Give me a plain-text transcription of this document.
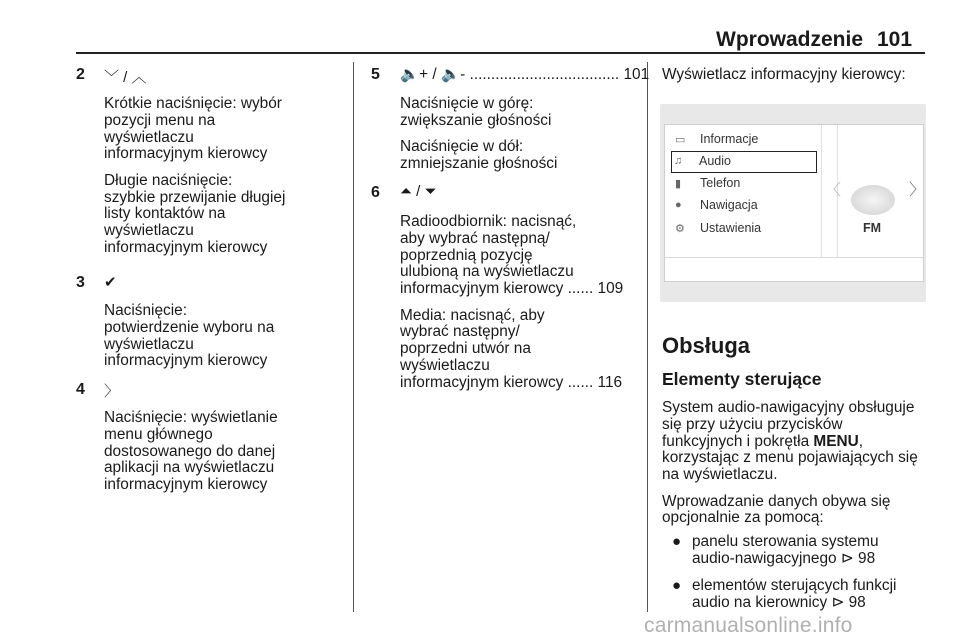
Wprowadzenie 101
2 ﹀ / ︿
Krótkie naciśnięcie: wybór
pozycji menu na
wyświetlaczu
informacyjnym kierowcy
Długie naciśnięcie:
szybkie przewijanie długiej
listy kontaktów na
wyświetlaczu
informacyjnym kierowcy
3 ✔
Naciśnięcie:
potwierdzenie wyboru na
wyświetlaczu
informacyjnym kierowcy
4 〉
Naciśnięcie: wyświetlanie
menu głównego
dostosowanego do danej
aplikacji na wyświetlaczu
informacyjnym kierowcy
5 🔈+ / 🔈- ................................... 101
Naciśnięcie w górę:
zwiększanie głośności
Naciśnięcie w dół:
zmniejszanie głośności
6 ⏶ / ⏷
Radioodbiornik: nacisnąć,
aby wybrać następną/
poprzednią pozycję
ulubioną na wyświetlaczu
informacyjnym kierowcy ...... 109
Media: nacisnąć, aby
wybrać następny/
poprzedni utwór na
wyświetlaczu
informacyjnym kierowcy ...... 116
Wyświetlacz informacyjny kierowcy:
▭ Informacje
♫	Audio
▮	Telefon
●	Nawigacja
⚙ Ustawienia
〈	〉
FM
Obsługa
Elementy sterujące
System audio-nawigacyjny obsługuje
się przy użyciu przycisków
funkcyjnych i pokrętła MENU,
korzystając z menu pojawiających się
na wyświetlaczu.
Wprowadzanie danych obywa się
opcjonalnie za pomocą:
● panelu sterowania systemu
audio-nawigacyjnego ⊳ 98
● elementów sterujących funkcji
audio na kierownicy ⊳ 98
carmanualsonline.info
